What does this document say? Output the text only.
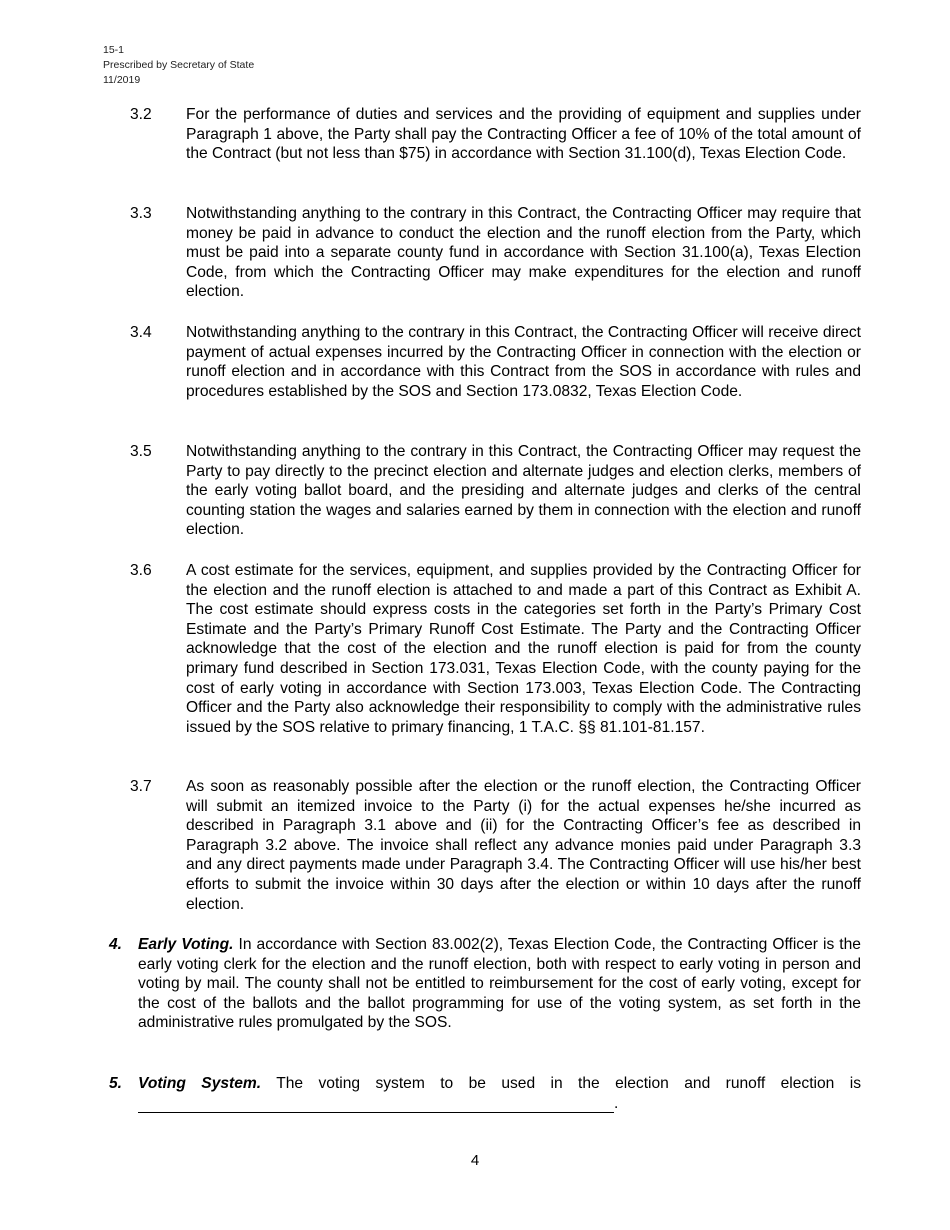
15-1
Prescribed by Secretary of State
11/2019
3.2 For the performance of duties and services and the providing of equipment and supplies under Paragraph 1 above, the Party shall pay the Contracting Officer a fee of 10% of the total amount of the Contract (but not less than $75) in accordance with Section 31.100(d), Texas Election Code.
3.3 Notwithstanding anything to the contrary in this Contract, the Contracting Officer may require that money be paid in advance to conduct the election and the runoff election from the Party, which must be paid into a separate county fund in accordance with Section 31.100(a), Texas Election Code, from which the Contracting Officer may make expenditures for the election and runoff election.
3.4 Notwithstanding anything to the contrary in this Contract, the Contracting Officer will receive direct payment of actual expenses incurred by the Contracting Officer in connection with the election or runoff election and in accordance with this Contract from the SOS in accordance with rules and procedures established by the SOS and Section 173.0832, Texas Election Code.
3.5 Notwithstanding anything to the contrary in this Contract, the Contracting Officer may request the Party to pay directly to the precinct election and alternate judges and election clerks, members of the early voting ballot board, and the presiding and alternate judges and clerks of the central counting station the wages and salaries earned by them in connection with the election and runoff election.
3.6 A cost estimate for the services, equipment, and supplies provided by the Contracting Officer for the election and the runoff election is attached to and made a part of this Contract as Exhibit A. The cost estimate should express costs in the categories set forth in the Party’s Primary Cost Estimate and the Party’s Primary Runoff Cost Estimate. The Party and the Contracting Officer acknowledge that the cost of the election and the runoff election is paid for from the county primary fund described in Section 173.031, Texas Election Code, with the county paying for the cost of early voting in accordance with Section 173.003, Texas Election Code. The Contracting Officer and the Party also acknowledge their responsibility to comply with the administrative rules issued by the SOS relative to primary financing, 1 T.A.C. §§ 81.101-81.157.
3.7 As soon as reasonably possible after the election or the runoff election, the Contracting Officer will submit an itemized invoice to the Party (i) for the actual expenses he/she incurred as described in Paragraph 3.1 above and (ii) for the Contracting Officer’s fee as described in Paragraph 3.2 above. The invoice shall reflect any advance monies paid under Paragraph 3.3 and any direct payments made under Paragraph 3.4. The Contracting Officer will use his/her best efforts to submit the invoice within 30 days after the election or within 10 days after the runoff election.
4. Early Voting. In accordance with Section 83.002(2), Texas Election Code, the Contracting Officer is the early voting clerk for the election and the runoff election, both with respect to early voting in person and voting by mail. The county shall not be entitled to reimbursement for the cost of early voting, except for the cost of the ballots and the ballot programming for use of the voting system, as set forth in the administrative rules promulgated by the SOS.
5. Voting System. The voting system to be used in the election and runoff election is
.
4
